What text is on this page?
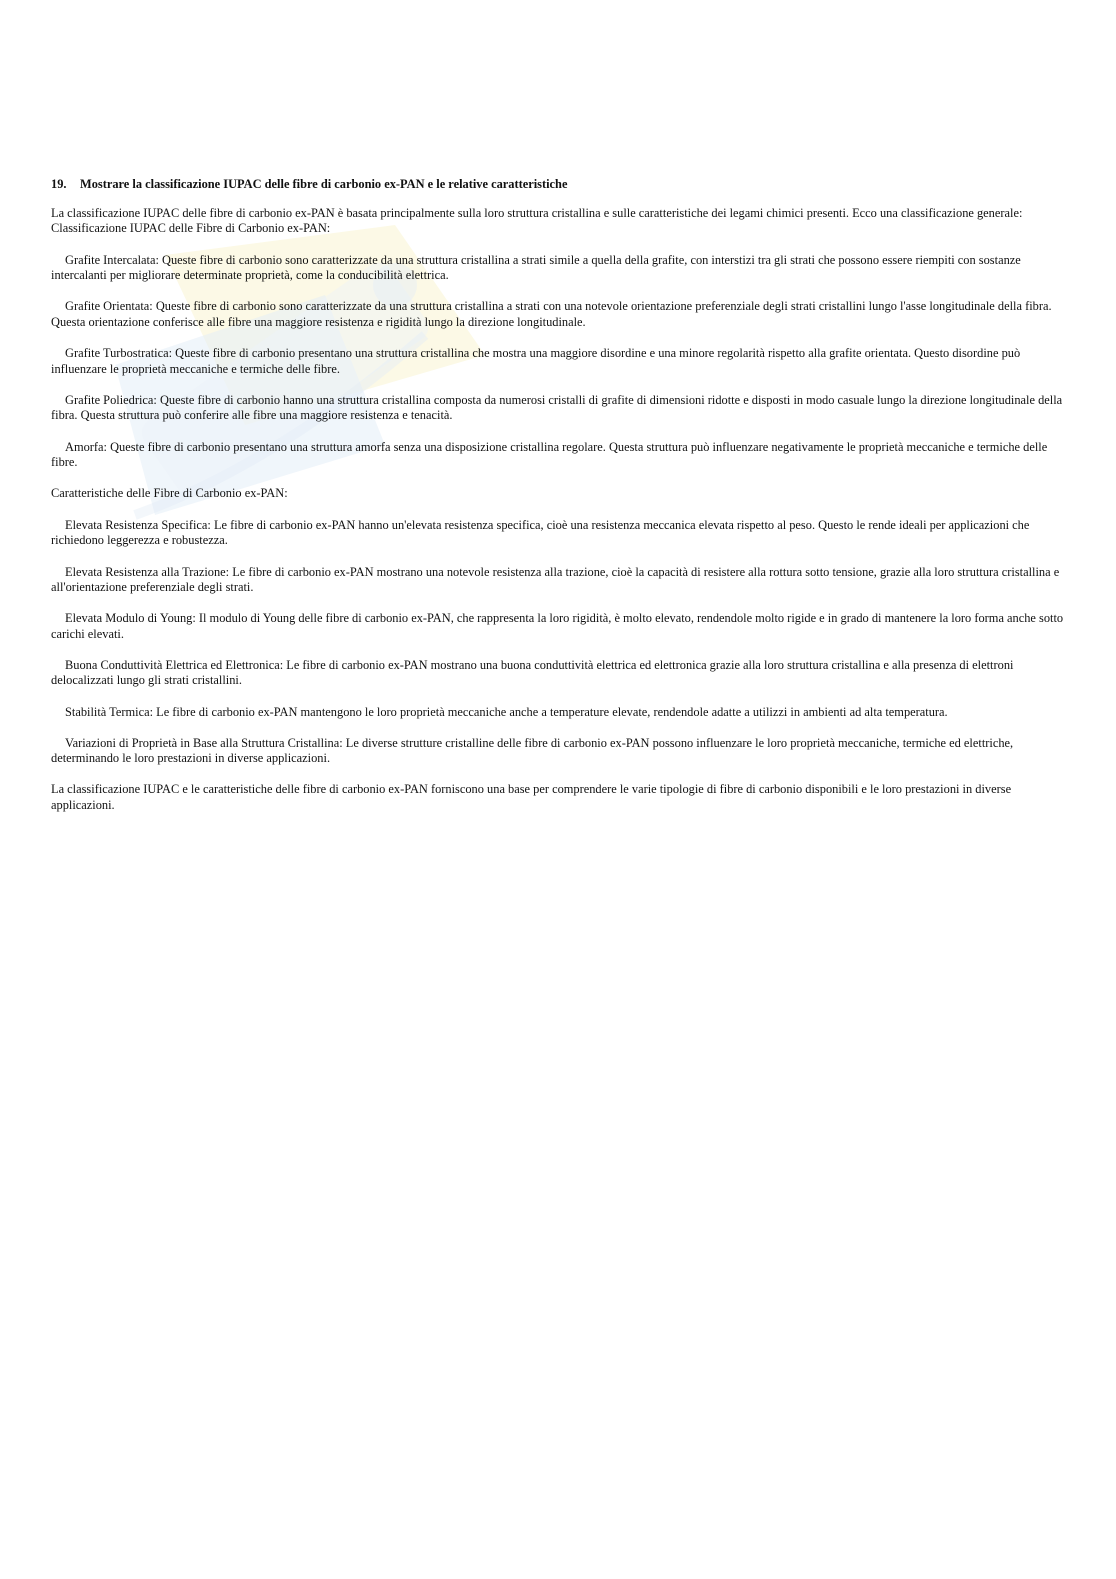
19. Mostrare la classificazione IUPAC delle fibre di carbonio ex-PAN e le relative caratteristiche

La classificazione IUPAC delle fibre di carbonio ex-PAN è basata principalmente sulla loro struttura cristallina e sulle caratteristiche dei legami chimici presenti. Ecco una classificazione generale:

Classificazione IUPAC delle Fibre di Carbonio ex-PAN:

Grafite Intercalata: Queste fibre di carbonio sono caratterizzate da una struttura cristallina a strati simile a quella della grafite, con interstizi tra gli strati che possono essere riempiti con sostanze intercalanti per migliorare determinate proprietà, come la conducibilità elettrica.

Grafite Orientata: Queste fibre di carbonio sono caratterizzate da una struttura cristallina a strati con una notevole orientazione preferenziale degli strati cristallini lungo l'asse longitudinale della fibra. Questa orientazione conferisce alle fibre una maggiore resistenza e rigidità lungo la direzione longitudinale.

Grafite Turbostratica: Queste fibre di carbonio presentano una struttura cristallina che mostra una maggiore disordine e una minore regolarità rispetto alla grafite orientata. Questo disordine può influenzare le proprietà meccaniche e termiche delle fibre.

Grafite Poliedrica: Queste fibre di carbonio hanno una struttura cristallina composta da numerosi cristalli di grafite di dimensioni ridotte e disposti in modo casuale lungo la direzione longitudinale della fibra. Questa struttura può conferire alle fibre una maggiore resistenza e tenacità.

Amorfa: Queste fibre di carbonio presentano una struttura amorfa senza una disposizione cristallina regolare. Questa struttura può influenzare negativamente le proprietà meccaniche e termiche delle fibre.

Caratteristiche delle Fibre di Carbonio ex-PAN:

Elevata Resistenza Specifica: Le fibre di carbonio ex-PAN hanno un'elevata resistenza specifica, cioè una resistenza meccanica elevata rispetto al peso. Questo le rende ideali per applicazioni che richiedono leggerezza e robustezza.

Elevata Resistenza alla Trazione: Le fibre di carbonio ex-PAN mostrano una notevole resistenza alla trazione, cioè la capacità di resistere alla rottura sotto tensione, grazie alla loro struttura cristallina e all'orientazione preferenziale degli strati.

Elevata Modulo di Young: Il modulo di Young delle fibre di carbonio ex-PAN, che rappresenta la loro rigidità, è molto elevato, rendendole molto rigide e in grado di mantenere la loro forma anche sotto carichi elevati.

Buona Conduttività Elettrica ed Elettronica: Le fibre di carbonio ex-PAN mostrano una buona conduttività elettrica ed elettronica grazie alla loro struttura cristallina e alla presenza di elettroni delocalizzati lungo gli strati cristallini.

Stabilità Termica: Le fibre di carbonio ex-PAN mantengono le loro proprietà meccaniche anche a temperature elevate, rendendole adatte a utilizzi in ambienti ad alta temperatura.

Variazioni di Proprietà in Base alla Struttura Cristallina: Le diverse strutture cristalline delle fibre di carbonio ex-PAN possono influenzare le loro proprietà meccaniche, termiche ed elettriche, determinando le loro prestazioni in diverse applicazioni.

La classificazione IUPAC e le caratteristiche delle fibre di carbonio ex-PAN forniscono una base per comprendere le varie tipologie di fibre di carbonio disponibili e le loro prestazioni in diverse applicazioni.
